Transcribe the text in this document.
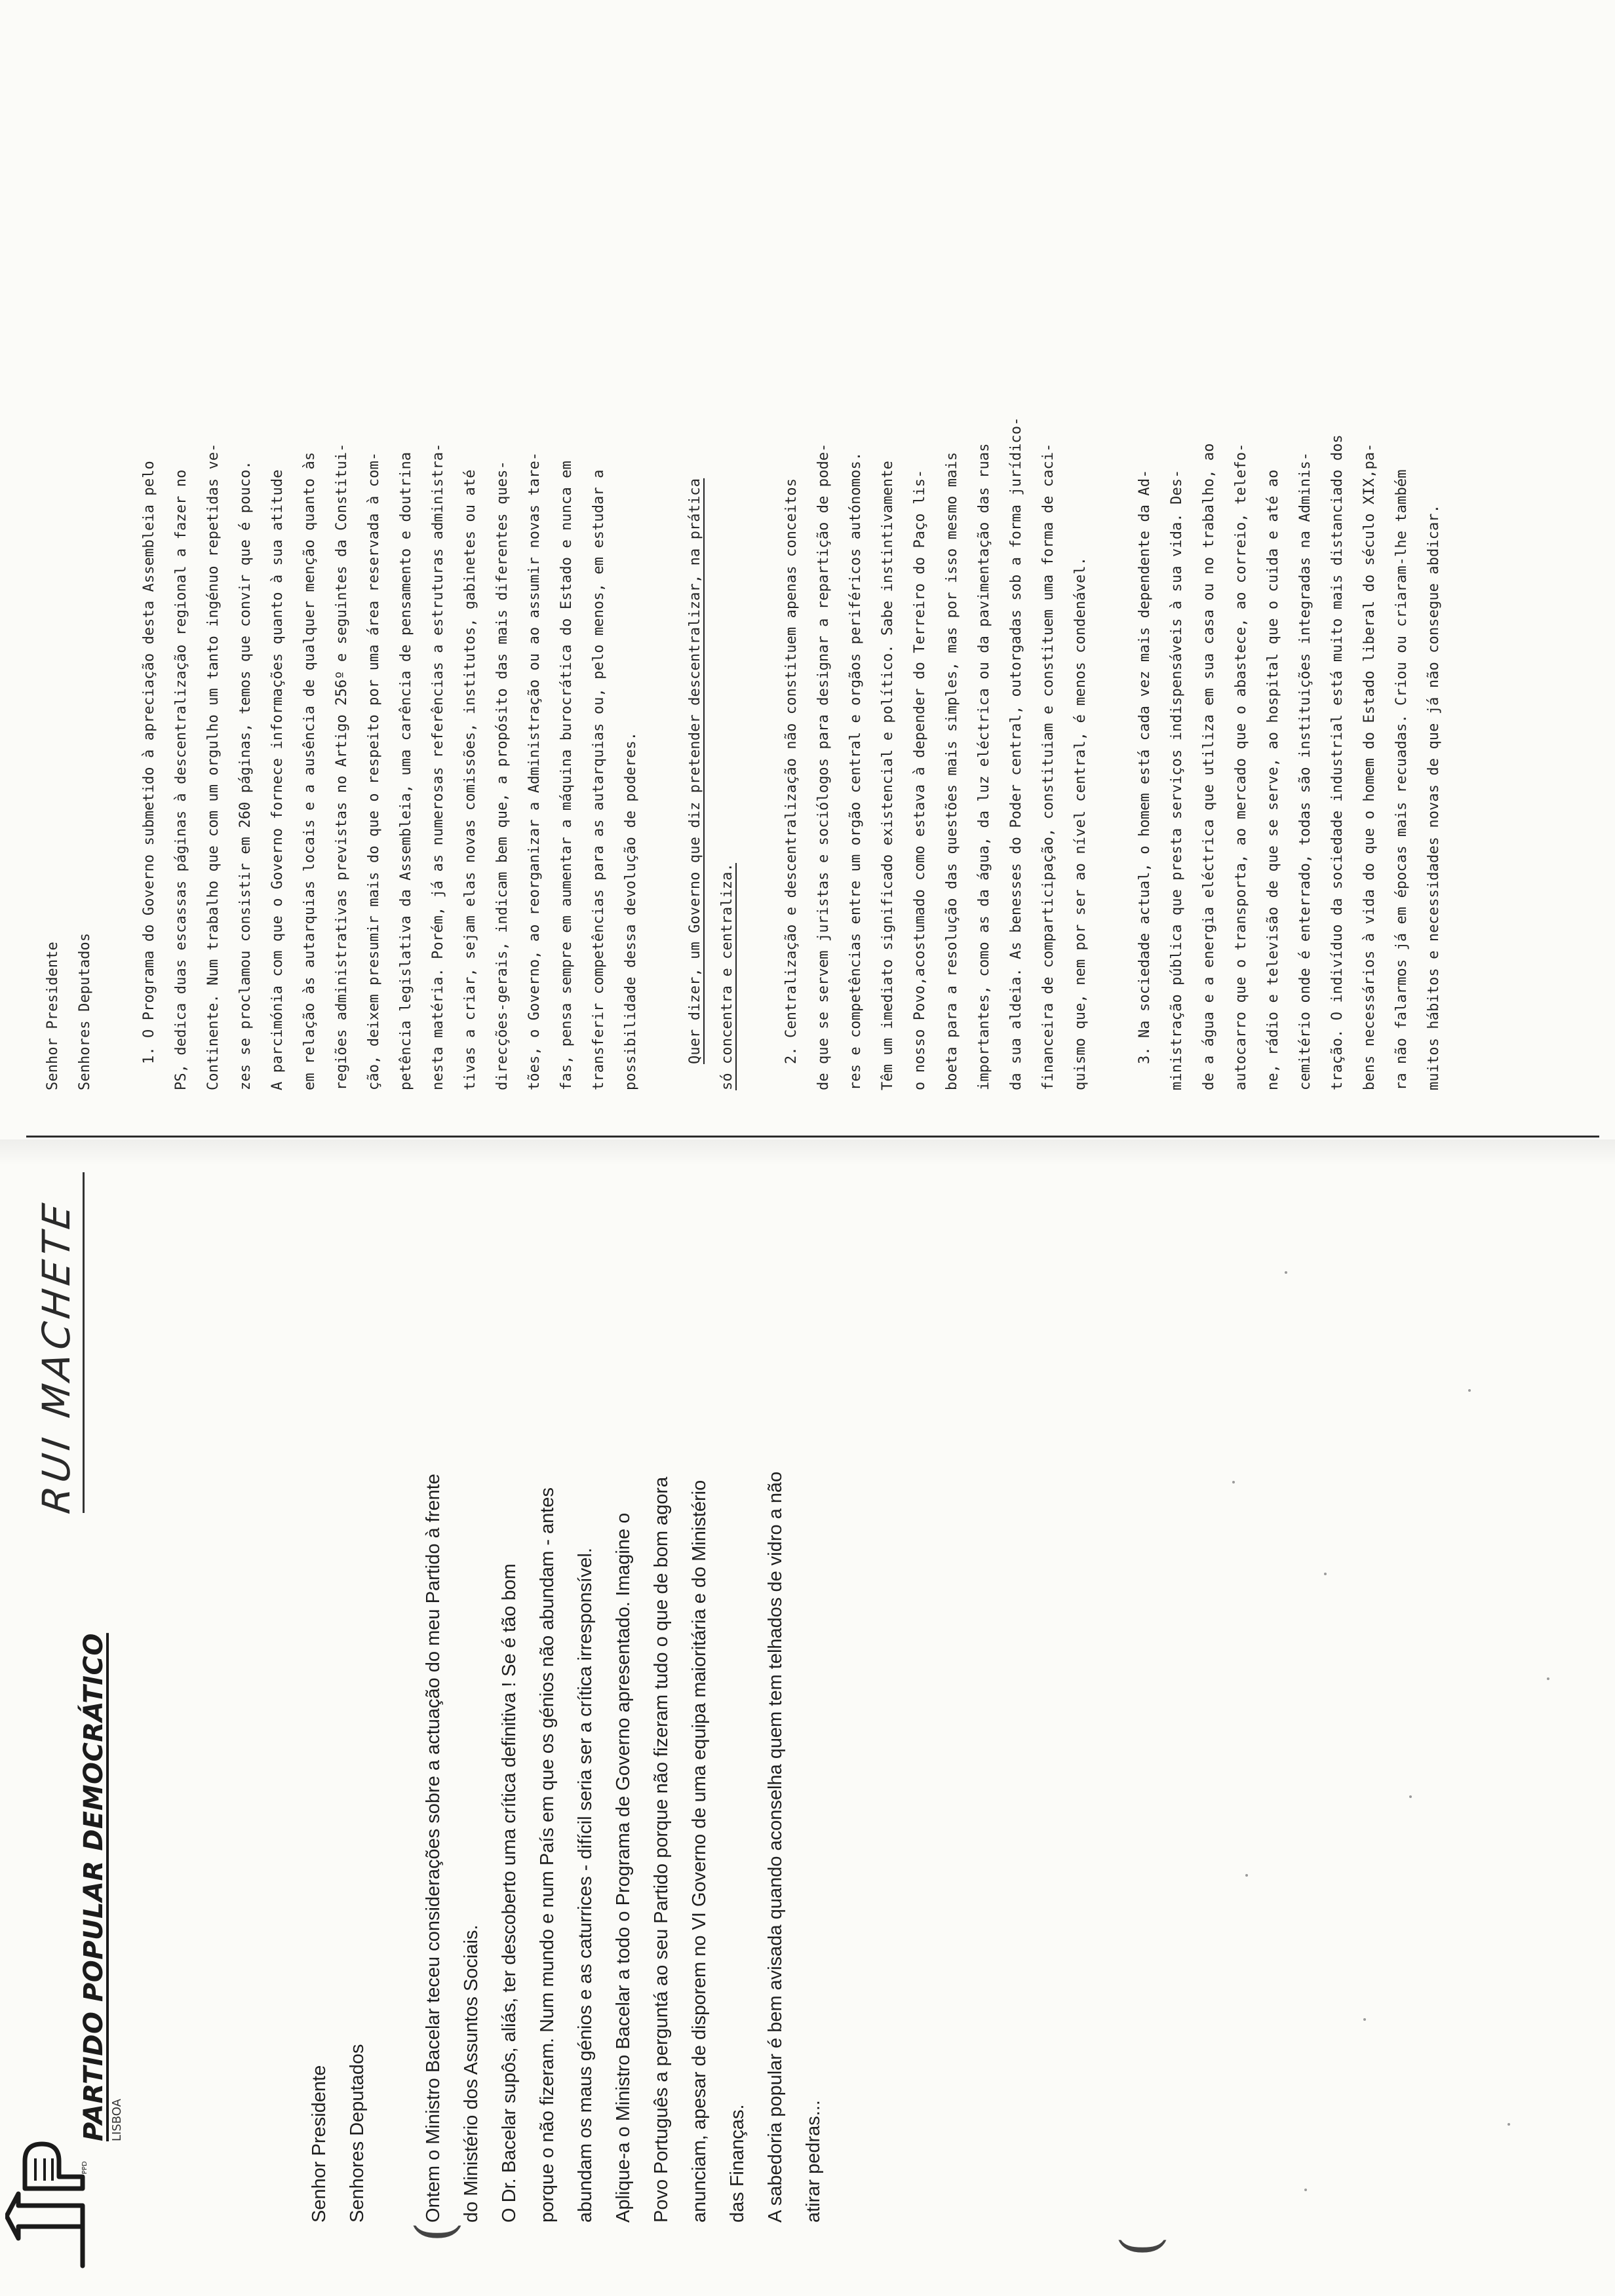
PPD
PARTIDO POPULAR DEMOCRÁTICO LISBOA
RUI MACHETE

Senhor Presidente Senhores Deputados	Ontem o Ministro Bacelar teceu considerações sobre a actuação do meu Partido à frente do Ministério dos Assuntos Sociais. O Dr. Bacelar supôs, aliás, ter descoberto uma crítica definitiva ! Se é tão bom porque o não fizeram. Num mundo e num País em que os génios não abundam - antes abundam os maus génios e as caturrices - difícil seria ser a crítica irresponsível. Aplique-a o Ministro Bacelar a todo o Programa de Governo apresentado. Imagine o Povo Português a perguntá ao seu Partido porque não fizeram tudo o que de bom agora anunciam, apesar de disporem no VI Governo de uma equipa maioritária e do Ministério das Finanças. A sabedoria popular é bem avisada quando aconselha quem tem telhados de vidro a não atirar pedras...

(
(
Senhor Presidente	Senhores Deputados	1. O Programa do Governo submetido à apreciação desta Assembleia pelo	PS, dedica duas escassas páginas à descentralização regional a fazer no	Continente. Num trabalho que com um orgulho um tanto ingénuo repetidas ve-	zes se proclamou consistir em 260 páginas, temos que convir que é pouco.	A parcimónia com que o Governo fornece informações quanto à sua atitude	em relação às autarquias locais e a ausência de qualquer menção quanto às	regiões administrativas previstas no Artigo 256º e seguintes da Constitui-	ção, deixem presumir mais do que o respeito por uma área reservada à com-	petência legislativa da Assembleia, uma carência de pensamento e doutrina	nesta matéria. Porém, já as numerosas referências a estruturas administra-	tivas a criar, sejam elas novas comissões, institutos, gabinetes ou até	direcções-gerais, indicam bem que, a propósito das mais diferentes ques-	tões, o Governo, ao reorganizar a Administração ou ao assumir novas tare-	fas, pensa sempre em aumentar a máquina burocrática do Estado e nunca em	transferir competências para as autarquias ou, pelo menos, em estudar a	possibilidade dessa devolução de poderes.	Quer dizer, um Governo que diz pretender descentralizar, na prática	só concentra e centraliza.	2. Centralização e descentralização não constituem apenas conceitos	de que se servem juristas e sociólogos para designar a repartição de pode-	res e competências entre um orgão central e orgãos periféricos autónomos.	Têm um imediato significado existencial e político. Sabe instintivamente	o nosso Povo,acostumado como estava à depender do Terreiro do Paço lis-	boeta para a resolução das questões mais simples, mas por isso mesmo mais	importantes, como as da água, da luz eléctrica ou da pavimentação das ruas	da sua aldeia. As benesses do Poder central, outorgadas sob a forma jurídico-	financeira de comparticipação, constituiam e constituem uma forma de caci-	quismo que, nem por ser ao nível central, é menos condenável.	3. Na sociedade actual, o homem está cada vez mais dependente da Ad-	ministração pública que presta serviços indispensáveis à sua vida. Des-	de a água e a energia eléctrica que utiliza em sua casa ou no trabalho, ao	autocarro que o transporta, ao mercado que o abastece, ao correio, telefo-	ne, rádio e televisão de que se serve, ao hospital que o cuida e até ao	cemitério onde é enterrado, todas são instituições integradas na Adminis-	tração. O indivíduo da sociedade industrial está muito mais distanciado dos	bens necessários à vida do que o homem do Estado liberal do século XIX,pa-	ra não falarmos já em épocas mais recuadas. Criou ou criaram-lhe também	muitos hábitos e necessidades novas de que já não consegue abdicar.
